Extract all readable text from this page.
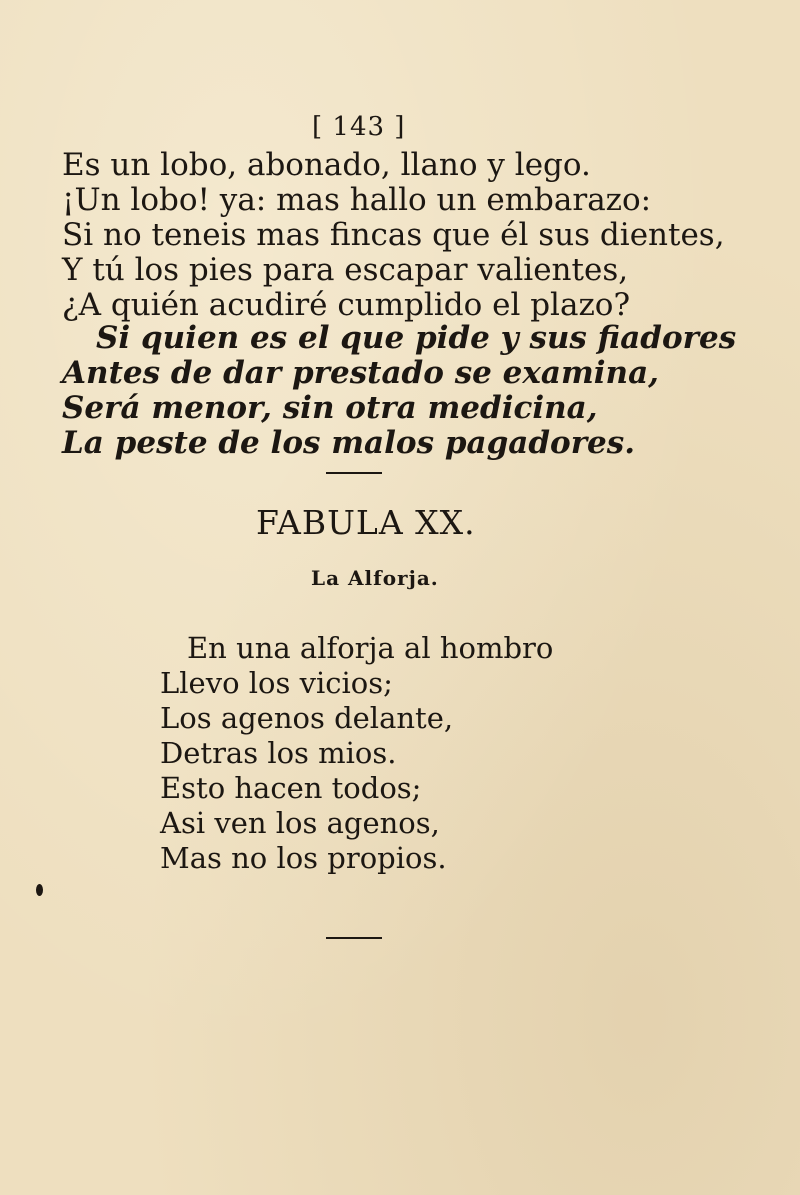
[ 143 ]
Es un lobo, abonado, llano y lego.
¡Un lobo! ya: mas hallo un embarazo:
Si no teneis mas fincas que él sus dientes,
Y tú los pies para escapar valientes,
¿A quién acudiré cumplido el plazo?
Si quien es el que pide y sus fiadores
Antes de dar prestado se examina,
Será menor, sin otra medicina,
La peste de los malos pagadores.
FABULA XX.
La Alforja.
En una alforja al hombro
Llevo los vicios;
Los agenos delante,
Detras los mios.
Esto hacen todos;
Asi ven los agenos,
Mas no los propios.
